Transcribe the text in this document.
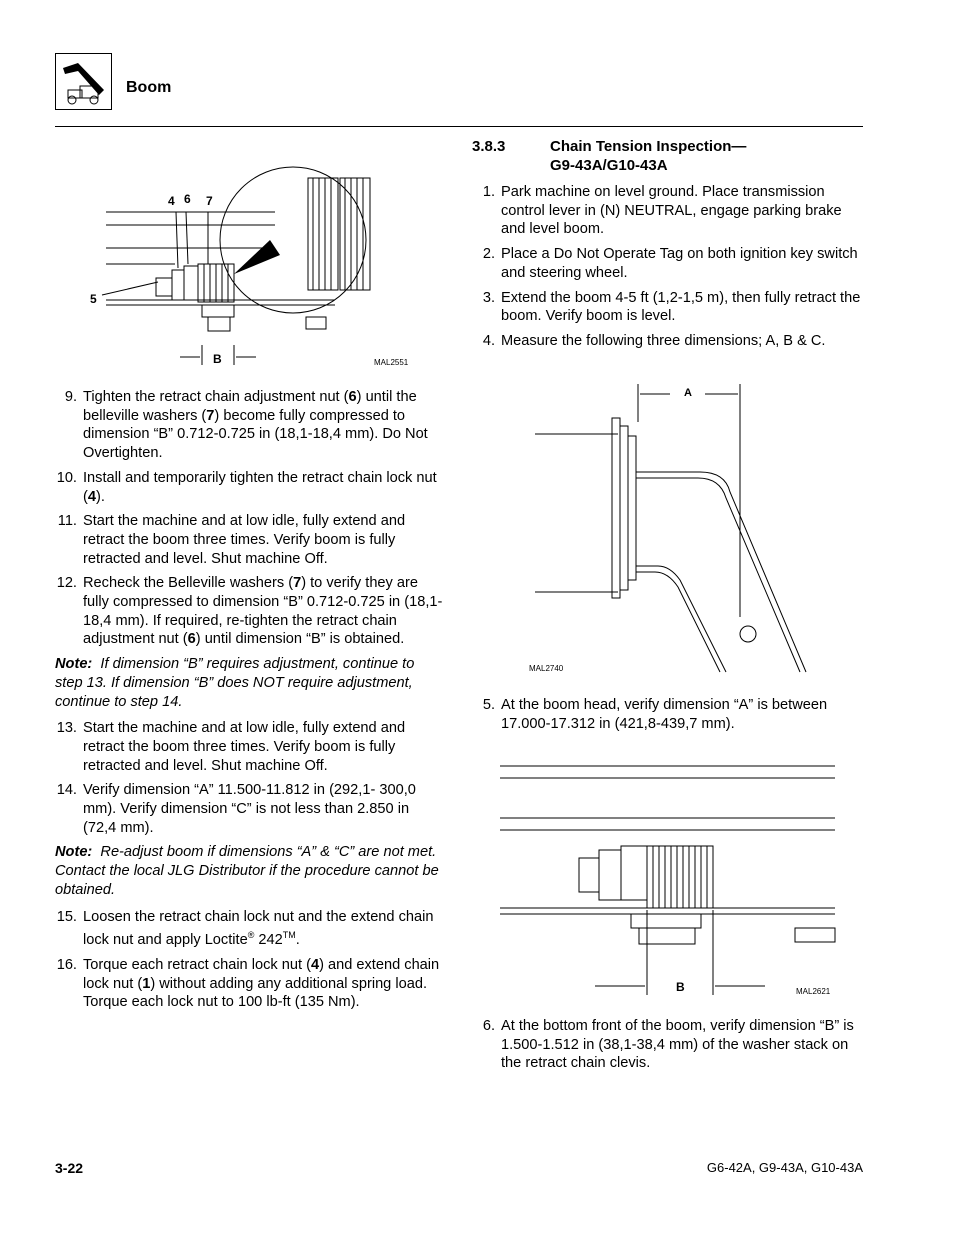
Boom
4 6 7
5
B	MAL2551
9. Tighten the retract chain adjustment nut (6) until the belleville washers (7) become fully compressed to dimension “B” 0.712-0.725 in (18,1-18,4 mm). Do Not Overtighten.
10. Install and temporarily tighten the retract chain lock nut (4).
11. Start the machine and at low idle, fully extend and retract the boom three times. Verify boom is fully retracted and level. Shut machine Off.
12. Recheck the Belleville washers (7) to verify they are fully compressed to dimension “B” 0.712-0.725 in (18,1-18,4 mm). If required, re-tighten the retract chain adjustment nut (6) until dimension “B” is obtained.
Note: If dimension “B” requires adjustment, continue to step 13. If dimension “B” does NOT require adjustment, continue to step 14.
13. Start the machine and at low idle, fully extend and retract the boom three times. Verify boom is fully retracted and level. Shut machine Off.
14. Verify dimension “A” 11.500-11.812 in (292,1- 300,0 mm). Verify dimension “C” is not less than 2.850 in (72,4 mm).
Note: Re-adjust boom if dimensions “A” & “C” are not met. Contact the local JLG Distributor if the procedure cannot be obtained.
15. Loosen the retract chain lock nut and the extend chain lock nut and apply Loctite® 242™.
16. Torque each retract chain lock nut (4) and extend chain lock nut (1) without adding any additional spring load. Torque each lock nut to 100 lb-ft (135 Nm).
3.8.3	Chain Tension Inspection—
G9-43A/G10-43A
1. Park machine on level ground. Place transmission control lever in (N) NEUTRAL, engage parking brake and level boom.
2. Place a Do Not Operate Tag on both ignition key switch and steering wheel.
3. Extend the boom 4-5 ft (1,2-1,5 m), then fully retract the boom. Verify boom is level.
4. Measure the following three dimensions; A, B & C.
A
MAL2740
5. At the boom head, verify dimension “A” is between 17.000-17.312 in (421,8-439,7 mm).
B	MAL2621
6. At the bottom front of the boom, verify dimension “B” is 1.500-1.512 in (38,1-38,4 mm) of the washer stack on the retract chain clevis.
3-22	G6-42A, G9-43A, G10-43A
